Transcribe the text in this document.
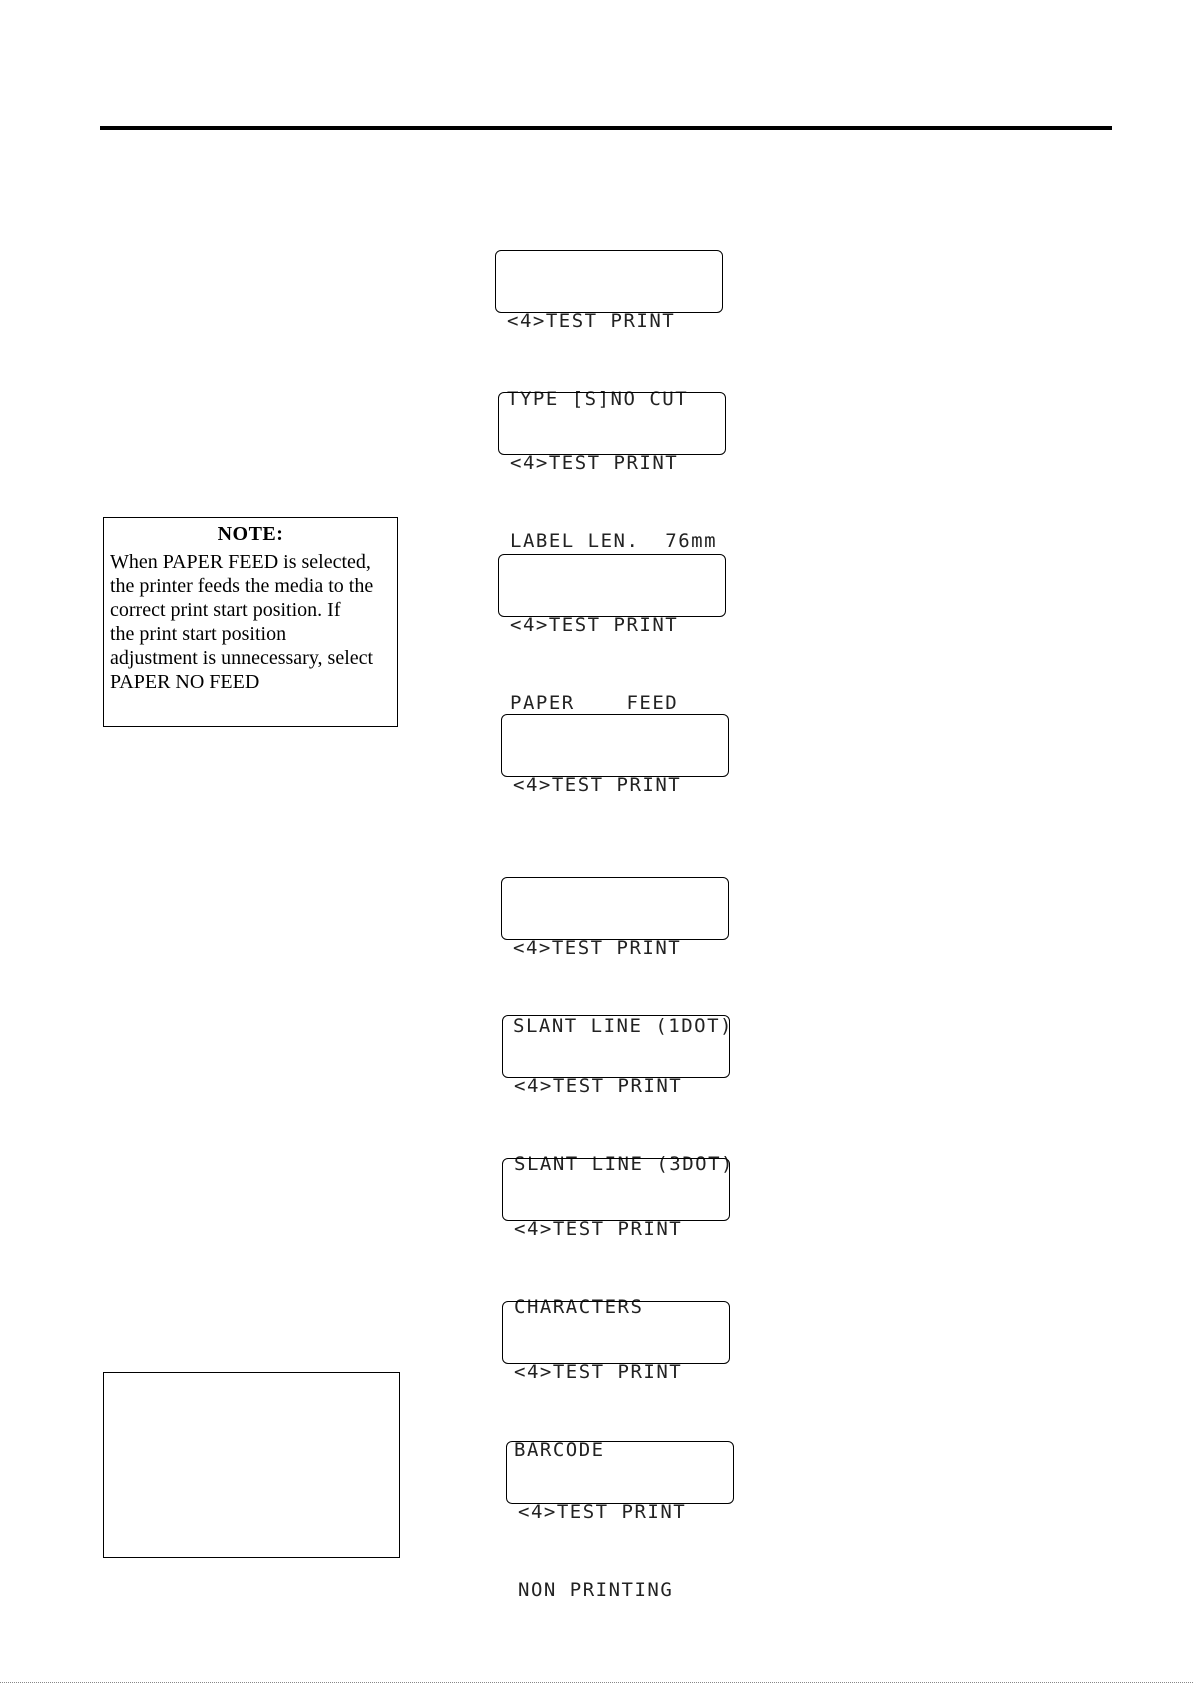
NOTE:
When PAPER FEED is selected,
the printer feeds the media to the
correct print start position. If
the print start position
adjustment is unnecessary, select
PAPER NO FEED

<4>TEST PRINT

TYPE [S]NO CUT

<4>TEST PRINT

LABEL LEN.  76mm

<4>TEST PRINT

PAPER    FEED

<4>TEST PRINT

<4>TEST PRINT

SLANT LINE (1DOT)

<4>TEST PRINT

SLANT LINE (3DOT)

<4>TEST PRINT

CHARACTERS

<4>TEST PRINT

BARCODE

<4>TEST PRINT

NON PRINTING
